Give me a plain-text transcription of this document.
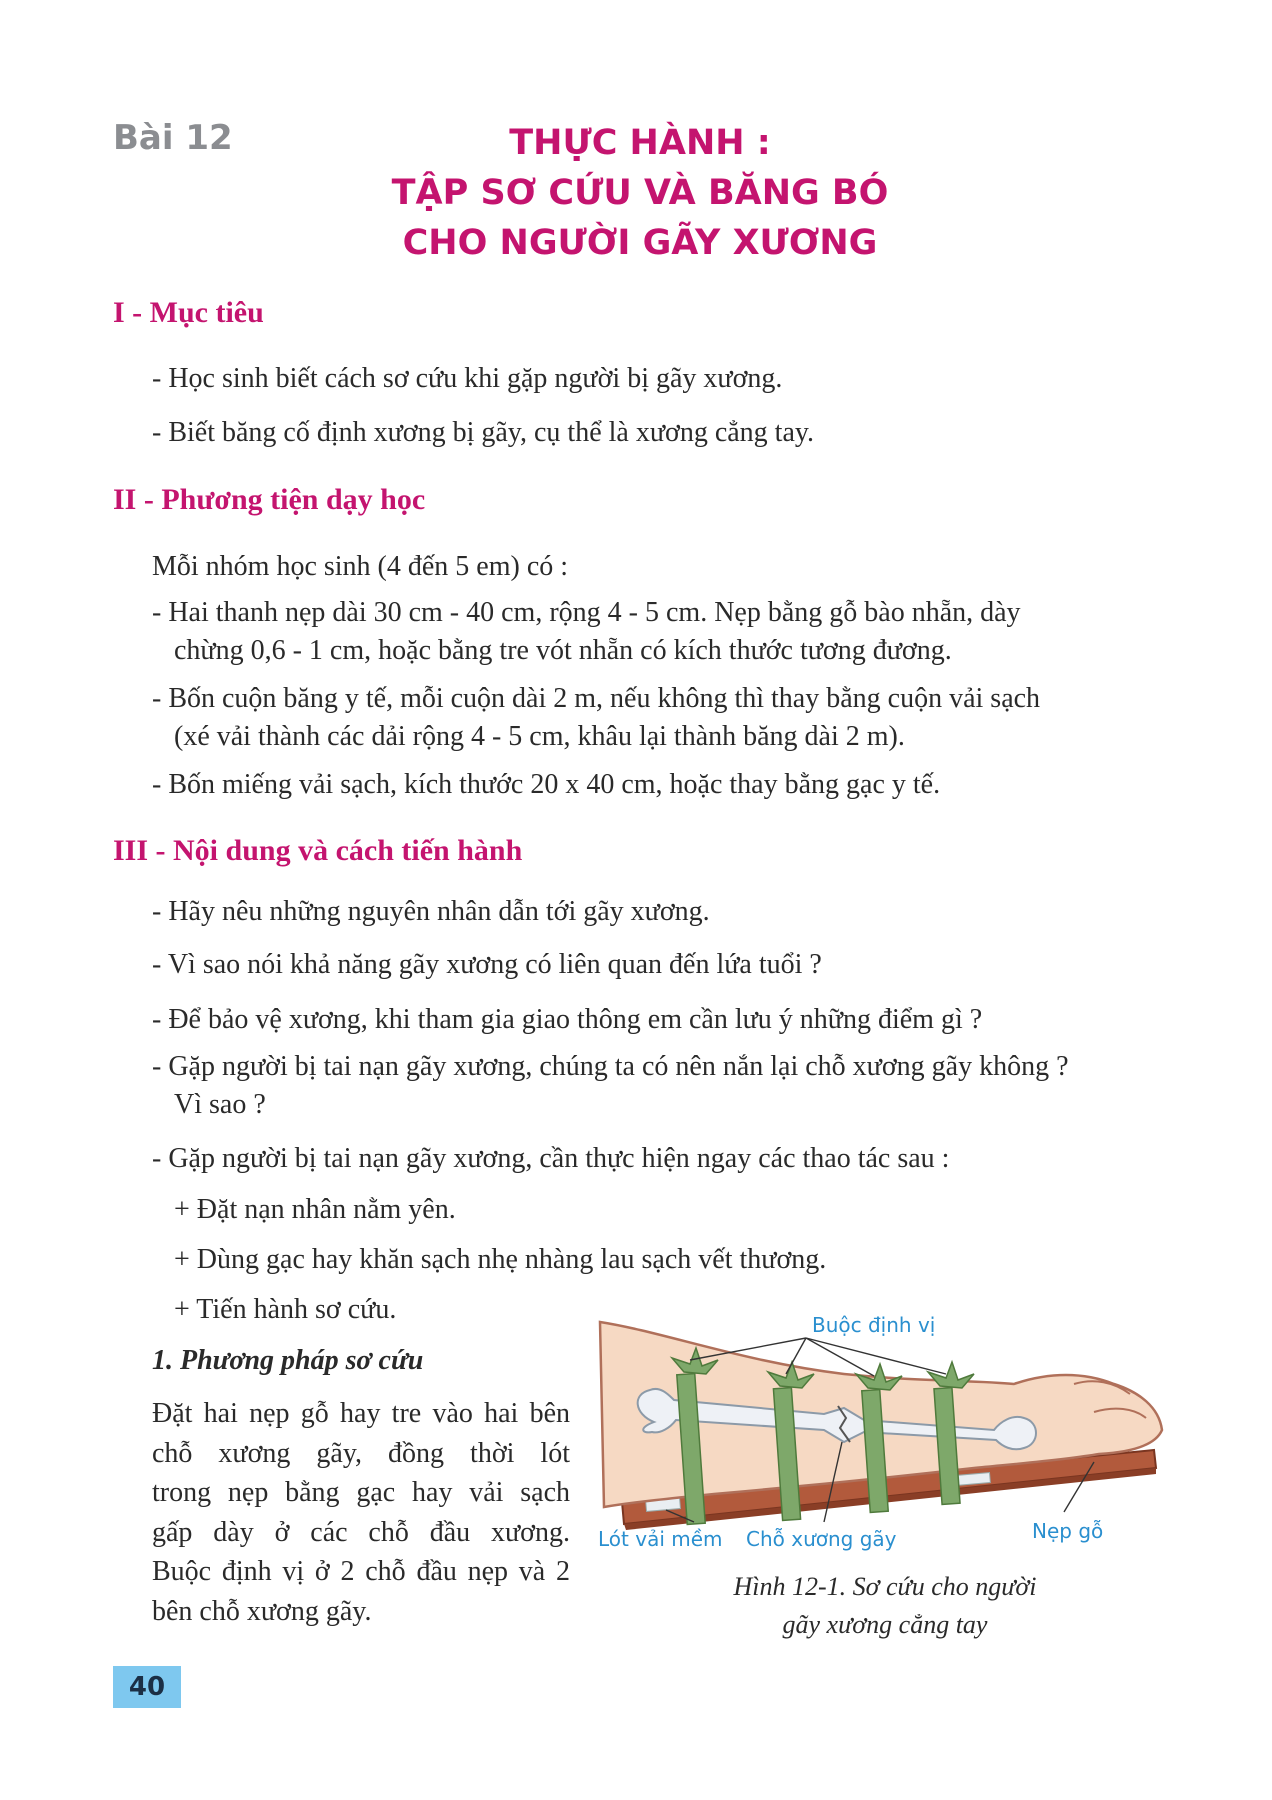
Bài 12	THỰC HÀNH :
TẬP SƠ CỨU VÀ BĂNG BÓ
CHO NGƯỜI GÃY XƯƠNG
I - Mục tiêu
- Học sinh biết cách sơ cứu khi gặp người bị gãy xương.
- Biết băng cố định xương bị gãy, cụ thể là xương cẳng tay.
II - Phương tiện dạy học
Mỗi nhóm học sinh (4 đến 5 em) có :
- Hai thanh nẹp dài 30 cm - 40 cm, rộng 4 - 5 cm. Nẹp bằng gỗ bào nhẵn, dày
chừng 0,6 - 1 cm, hoặc bằng tre vót nhẵn có kích thước tương đương.
- Bốn cuộn băng y tế, mỗi cuộn dài 2 m, nếu không thì thay bằng cuộn vải sạch
(xé vải thành các dải rộng 4 - 5 cm, khâu lại thành băng dài 2 m).
- Bốn miếng vải sạch, kích thước 20 x 40 cm, hoặc thay bằng gạc y tế.
III - Nội dung và cách tiến hành
- Hãy nêu những nguyên nhân dẫn tới gãy xương.
- Vì sao nói khả năng gãy xương có liên quan đến lứa tuổi ?
- Để bảo vệ xương, khi tham gia giao thông em cần lưu ý những điểm gì ?
- Gặp người bị tai nạn gãy xương, chúng ta có nên nắn lại chỗ xương gãy không ?
Vì sao ?
- Gặp người bị tai nạn gãy xương, cần thực hiện ngay các thao tác sau :
+ Đặt nạn nhân nằm yên.
+ Dùng gạc hay khăn sạch nhẹ nhàng lau sạch vết thương.
+ Tiến hành sơ cứu.
1. Phương pháp sơ cứu
Đặt hai nẹp gỗ hay tre vào hai bên
chỗ xương gãy, đồng thời lót
trong nẹp bằng gạc hay vải sạch
gấp dày ở các chỗ đầu xương.
Buộc định vị ở 2 chỗ đầu nẹp và 2
bên chỗ xương gãy.
Buộc định vị
Lót vải mềm Chỗ xương gãy	Nẹp gỗ
Hình 12-1. Sơ cứu cho người
gãy xương cẳng tay
40
